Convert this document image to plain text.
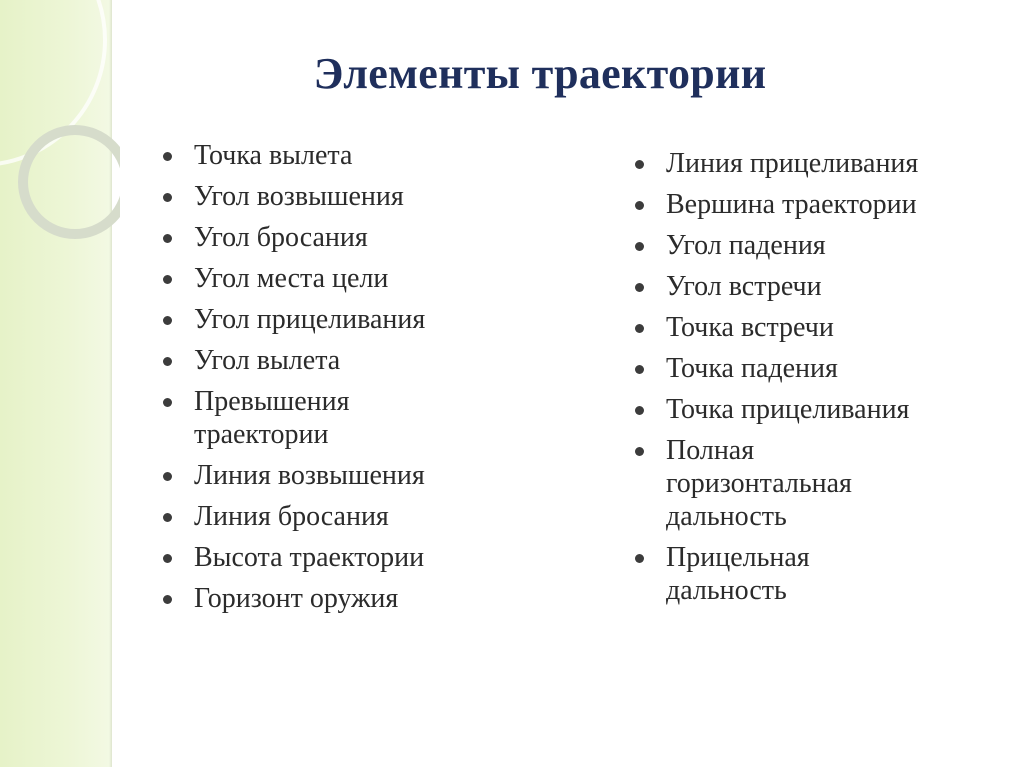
Элементы траектории
Точка вылета
Угол возвышения
Угол бросания
Угол места цели
Угол прицеливания
Угол вылета
Превышения траектории
Линия возвышения
Линия бросания
Высота траектории
Горизонт оружия
Линия прицеливания
Вершина траектории
Угол падения
Угол встречи
Точка встречи
Точка падения
Точка прицеливания
Полная горизонтальная дальность
Прицельная дальность
